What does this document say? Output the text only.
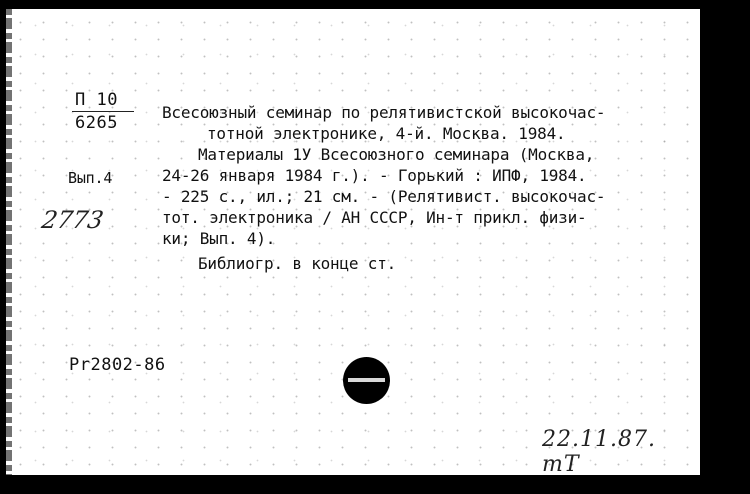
П 10
6265
Вып.4
2773
Всесоюзный семинар по релятивистской высокочас-
тотной электронике, 4-й. Москва. 1984.
Материалы 1У Всесоюзного семинара (Москва,
24-26 января 1984 г.). - Горький : ИПФ, 1984.
- 225 с., ил.; 21 см. - (Релятивист. высокочас-
тот. электроника / АН СССР, Ин-т прикл. физи-
ки; Вып. 4).
Библиогр. в конце ст.
Pr2802-86
22.11.87. mT
